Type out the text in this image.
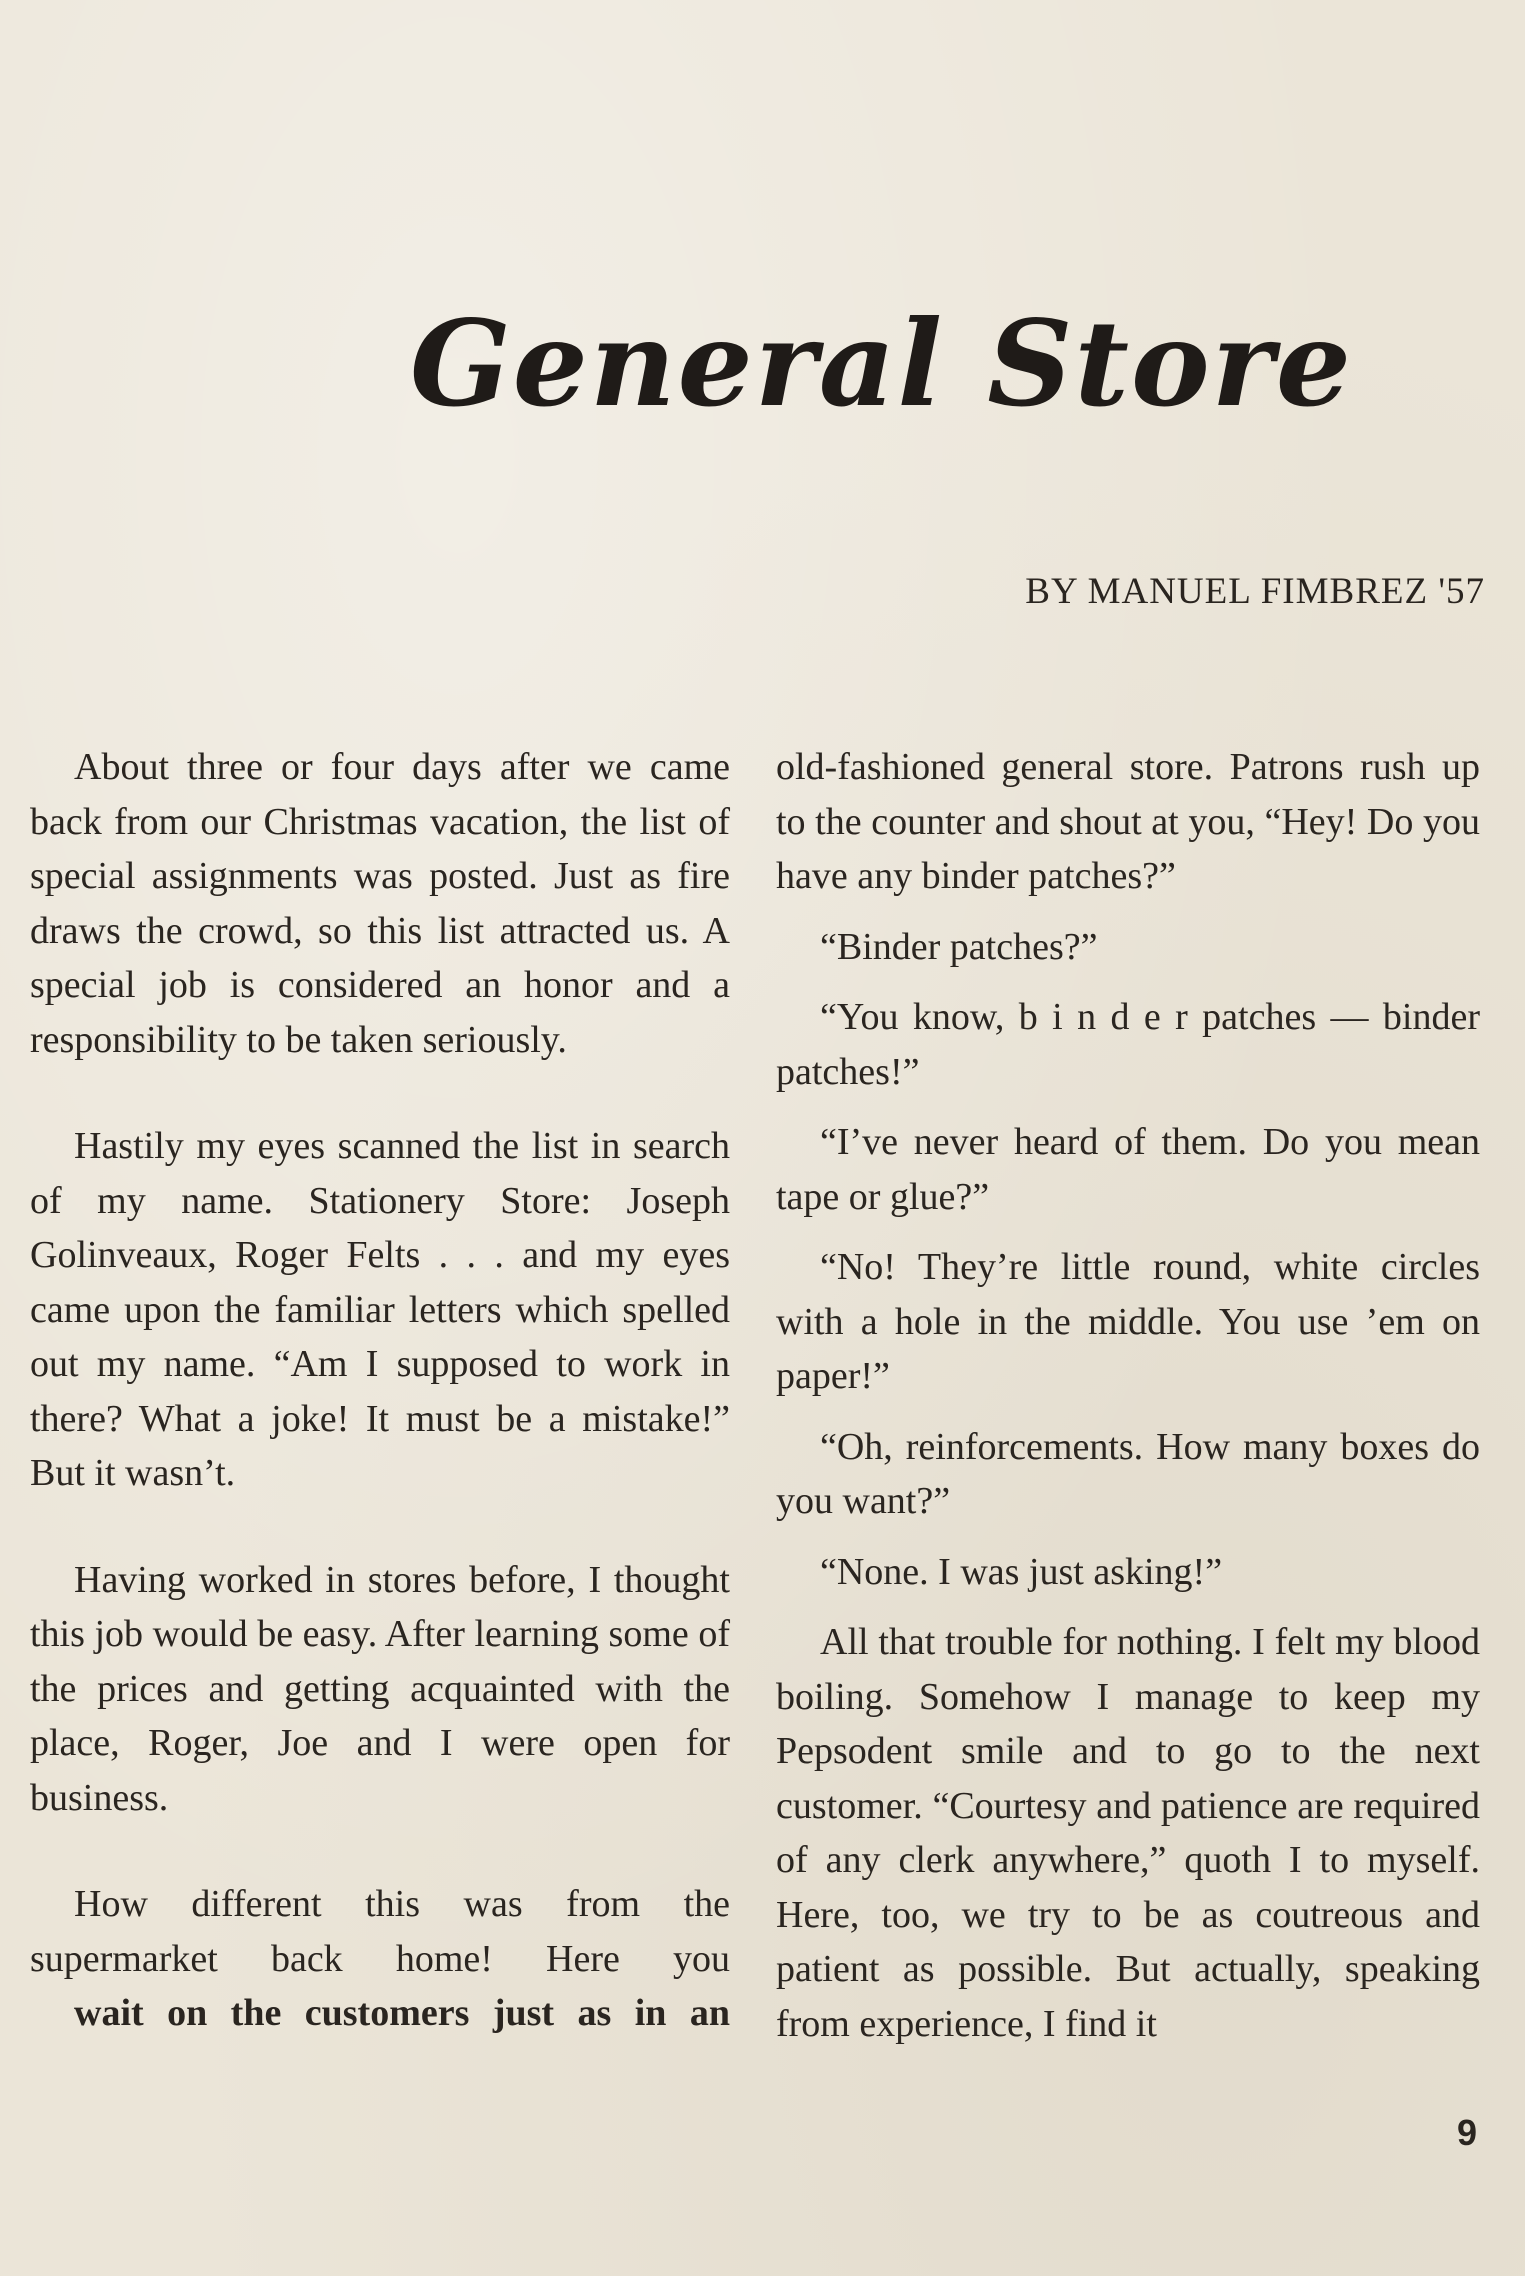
General Store
BY MANUEL FIMBREZ '57

About three or four days after we came back from our Christmas vacation, the list of special assignments was posted. Just as fire draws the crowd, so this list attracted us. A special job is considered an honor and a responsibility to be taken seriously.

Hastily my eyes scanned the list in search of my name. Stationery Store: Joseph Golinveaux, Roger Felts . . . and my eyes came upon the familiar letters which spelled out my name. “Am I supposed to work in there? What a joke! It must be a mistake!” But it wasn’t.

Having worked in stores before, I thought this job would be easy. After learning some of the prices and getting acquainted with the place, Roger, Joe and I were open for business.

How different this was from the supermarket back home! Here you

wait on the customers just as in an

old-fashioned general store. Patrons rush up to the counter and shout at you, “Hey! Do you have any binder patches?”

“Binder patches?”

“You know, b i n d e r patches — binder patches!”

“I’ve never heard of them. Do you mean tape or glue?”

“No! They’re little round, white circles with a hole in the middle. You use ’em on paper!”

“Oh, reinforcements. How many boxes do you want?”

“None. I was just asking!”

All that trouble for nothing. I felt my blood boiling. Somehow I manage to keep my Pepsodent smile and to go to the next customer. “Courtesy and patience are required of any clerk anywhere,” quoth I to myself. Here, too, we try to be as coutreous and patient as possible. But actually, speaking from experience, I find it

9
